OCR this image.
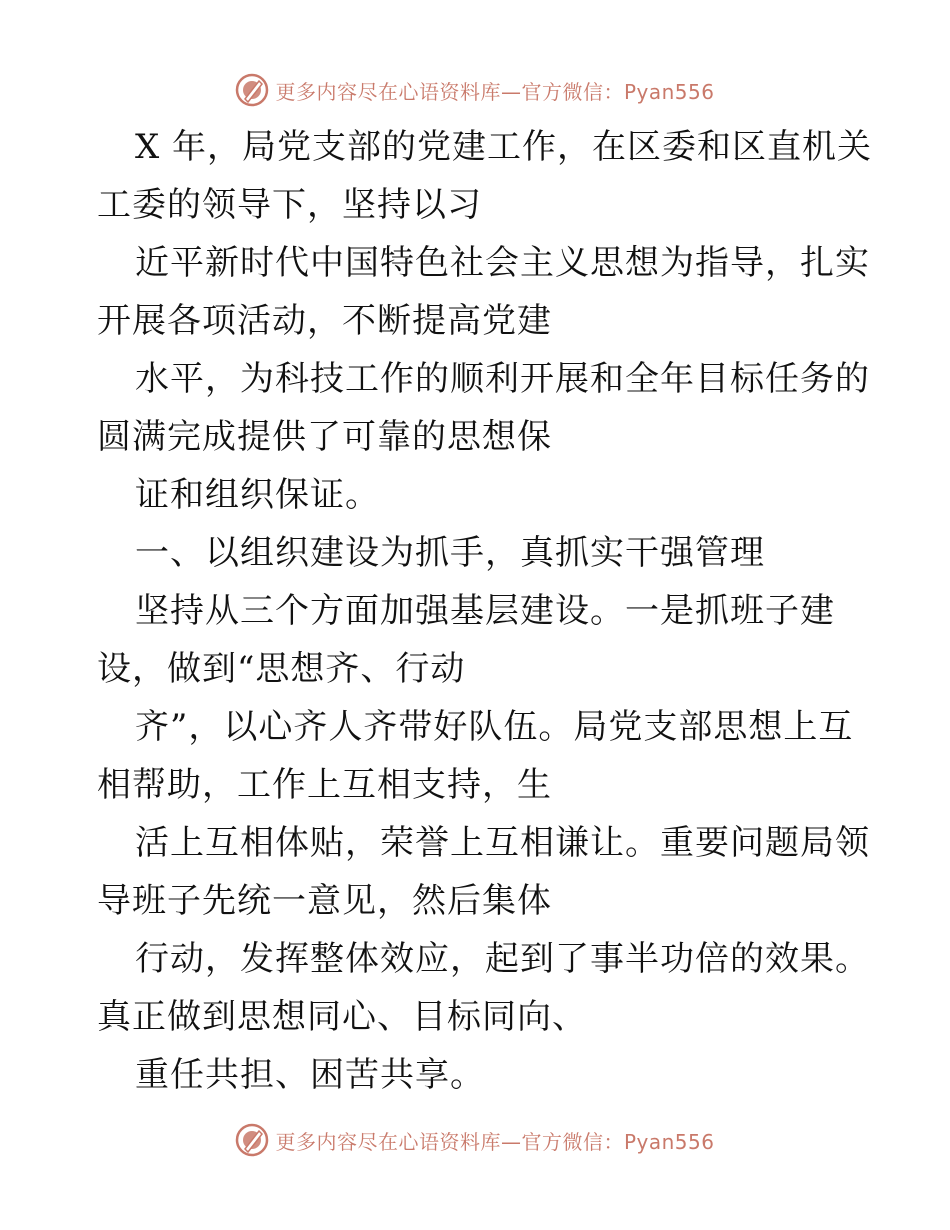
更多内容尽在心语资料库—官方微信：Pyan556
X 年，局党支部的党建工作，在区委和区直机关
工委的领导下，坚持以习
近平新时代中国特色社会主义思想为指导，扎实
开展各项活动，不断提高党建
水平，为科技工作的顺利开展和全年目标任务的
圆满完成提供了可靠的思想保
证和组织保证。
一、以组织建设为抓手，真抓实干强管理
坚持从三个方面加强基层建设。一是抓班子建
设，做到“思想齐、行动
齐”，以心齐人齐带好队伍。局党支部思想上互
相帮助，工作上互相支持，生
活上互相体贴，荣誉上互相谦让。重要问题局领
导班子先统一意见，然后集体
行动，发挥整体效应，起到了事半功倍的效果。
真正做到思想同心、目标同向、
重任共担、困苦共享。
更多内容尽在心语资料库—官方微信：Pyan556
